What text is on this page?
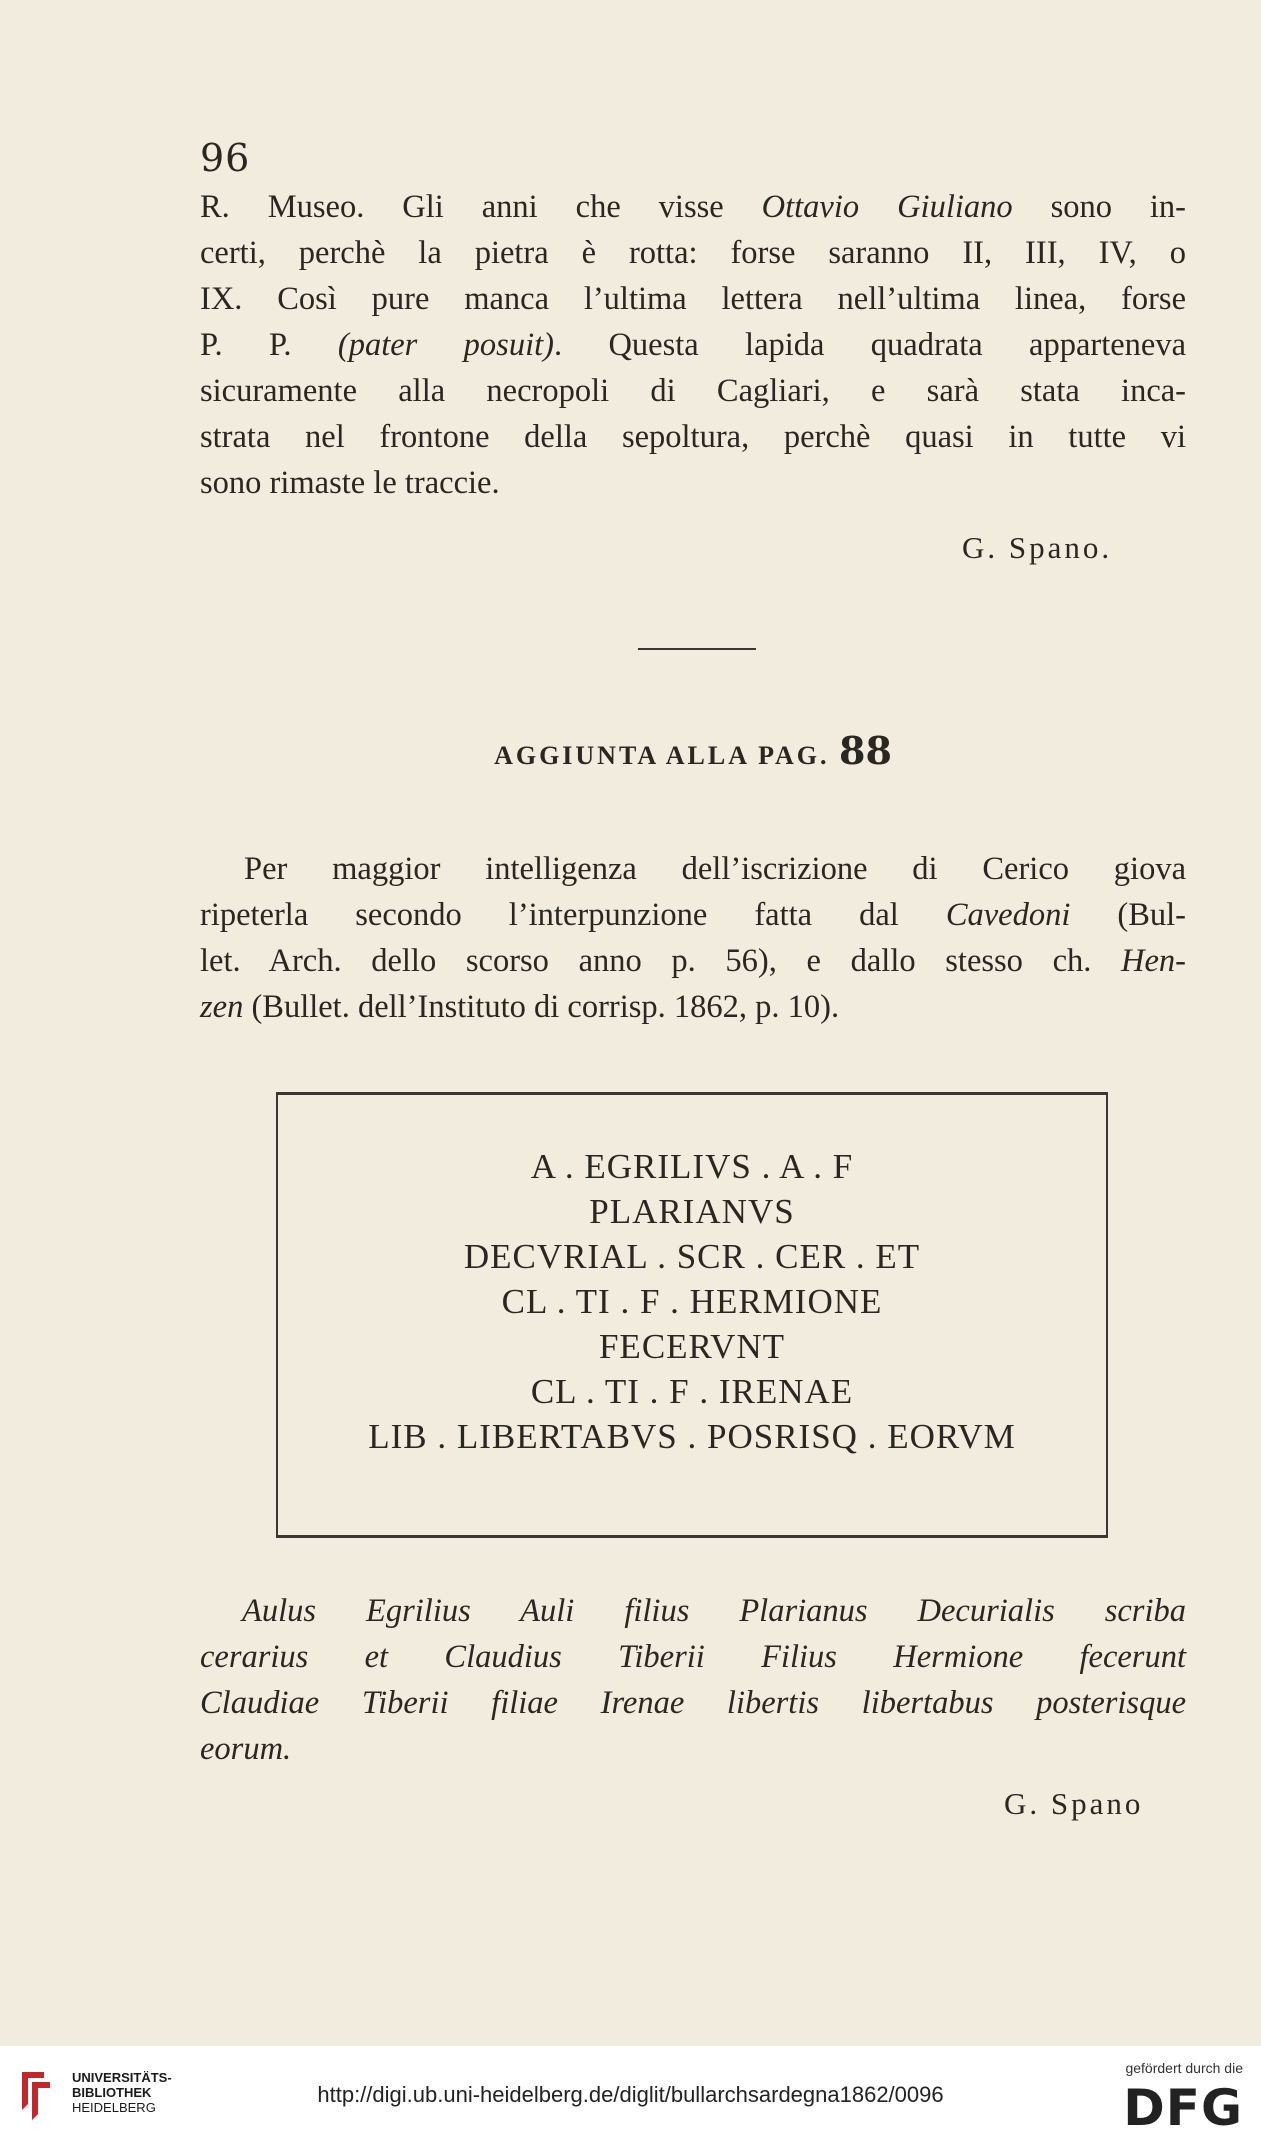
96
R. Museo. Gli anni che visse Ottavio Giuliano sono in-
certi, perchè la pietra è rotta: forse saranno II, III, IV, o
IX. Così pure manca l’ultima lettera nell’ultima linea, forse
P. P. (pater posuit). Questa lapida quadrata apparteneva
sicuramente alla necropoli di Cagliari, e sarà stata inca-
strata nel frontone della sepoltura, perchè quasi in tutte vi
sono rimaste le traccie.
G. Spano.
AGGIUNTA ALLA PAG. 88
Per maggior intelligenza dell’iscrizione di Cerico giova
ripeterla secondo l’interpunzione fatta dal Cavedoni (Bul-
let. Arch. dello scorso anno p. 56), e dallo stesso ch. Hen-
zen (Bullet. dell’Instituto di corrisp. 1862, p. 10).
A . EGRILIVS . A . F
PLARIANVS
DECVRIAL . SCR . CER . ET
CL . TI . F . HERMIONE
FECERVNT
CL . TI . F . IRENAE
LIB . LIBERTABVS . POSRISQ . EORVM
Aulus Egrilius Auli filius Plarianus Decurialis scriba
cerarius et Claudius Tiberii Filius Hermione fecerunt
Claudiae Tiberii filiae Irenae libertis libertabus posterisque
eorum.
G. Spano
UNIVERSITÄTS-
BIBLIOTHEK
HEIDELBERG
http://digi.ub.uni-heidelberg.de/diglit/bullarchsardegna1862/0096
gefördert durch die
DFG
